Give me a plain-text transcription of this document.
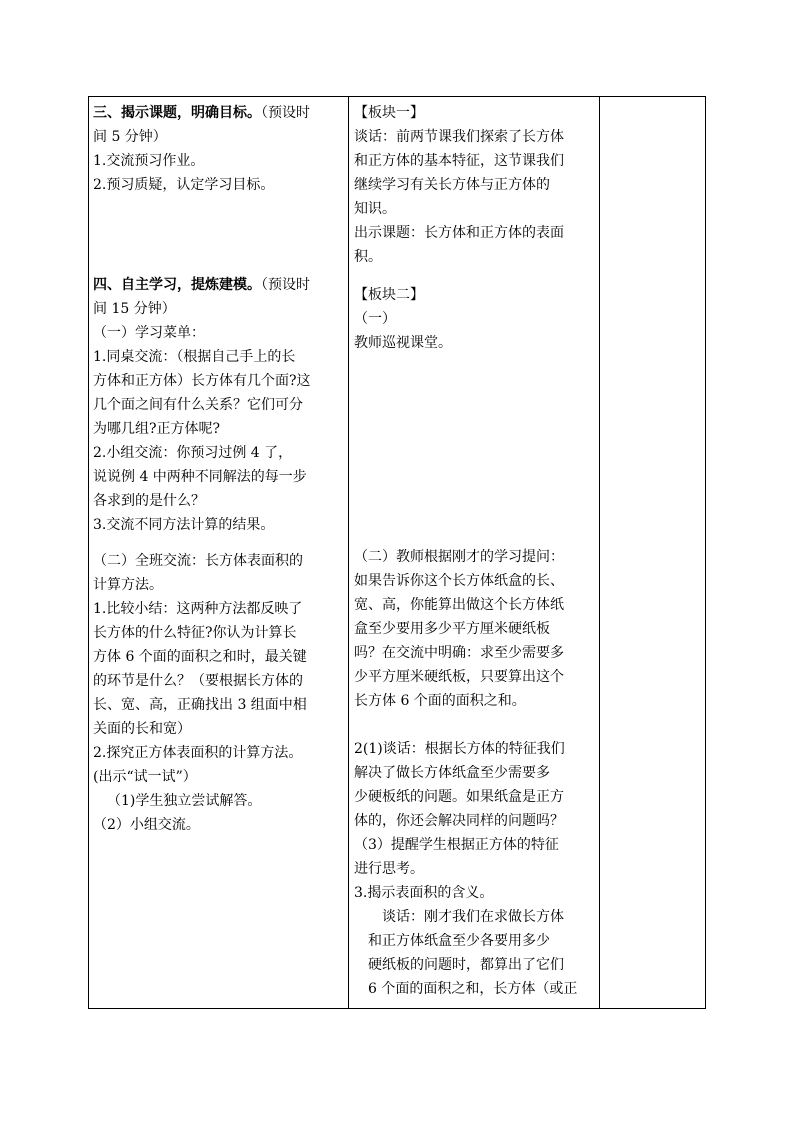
三、揭示课题，明确目标。（预设时
间 5 分钟）
1.交流预习作业。
2.预习质疑，认定学习目标。
四、自主学习，提炼建模。（预设时
间 15 分钟）
（一）学习菜单：
1.同桌交流：（根据自己手上的长
方体和正方体）长方体有几个面?这
几个面之间有什么关系？它们可分
为哪几组?正方体呢?
2.小组交流：你预习过例 4 了，
说说例 4 中两种不同解法的每一步
各求到的是什么？
3.交流不同方法计算的结果。
（二）全班交流：长方体表面积的
计算方法。
1.比较小结：这两种方法都反映了
长方体的什么特征?你认为计算长
方体 6 个面的面积之和时，最关键
的环节是什么？（要根据长方体的
长、宽、高，正确找出 3 组面中相
关面的长和宽）
2.探究正方体表面积的计算方法。
(出示“试一试”）
（1)学生独立尝试解答。
（2）小组交流。
【板块一】
谈话：前两节课我们探索了长方体
和正方体的基本特征，这节课我们
继续学习有关长方体与正方体的
知识。
出示课题：长方体和正方体的表面
积。
【板块二】
（一）
教师巡视课堂。
（二）教师根据刚才的学习提问：
如果告诉你这个长方体纸盒的长、
宽、高，你能算出做这个长方体纸
盒至少要用多少平方厘米硬纸板
吗？在交流中明确：求至少需要多
少平方厘米硬纸板，只要算出这个
长方体 6 个面的面积之和。
2(1)谈话：根据长方体的特征我们
解决了做长方体纸盒至少需要多
少硬板纸的问题。如果纸盒是正方
体的，你还会解决同样的问题吗？
（3）提醒学生根据正方体的特征
进行思考。
3.揭示表面积的含义。
谈话：刚才我们在求做长方体
和正方体纸盒至少各要用多少
硬纸板的问题时，都算出了它们
6 个面的面积之和，长方体（或正
